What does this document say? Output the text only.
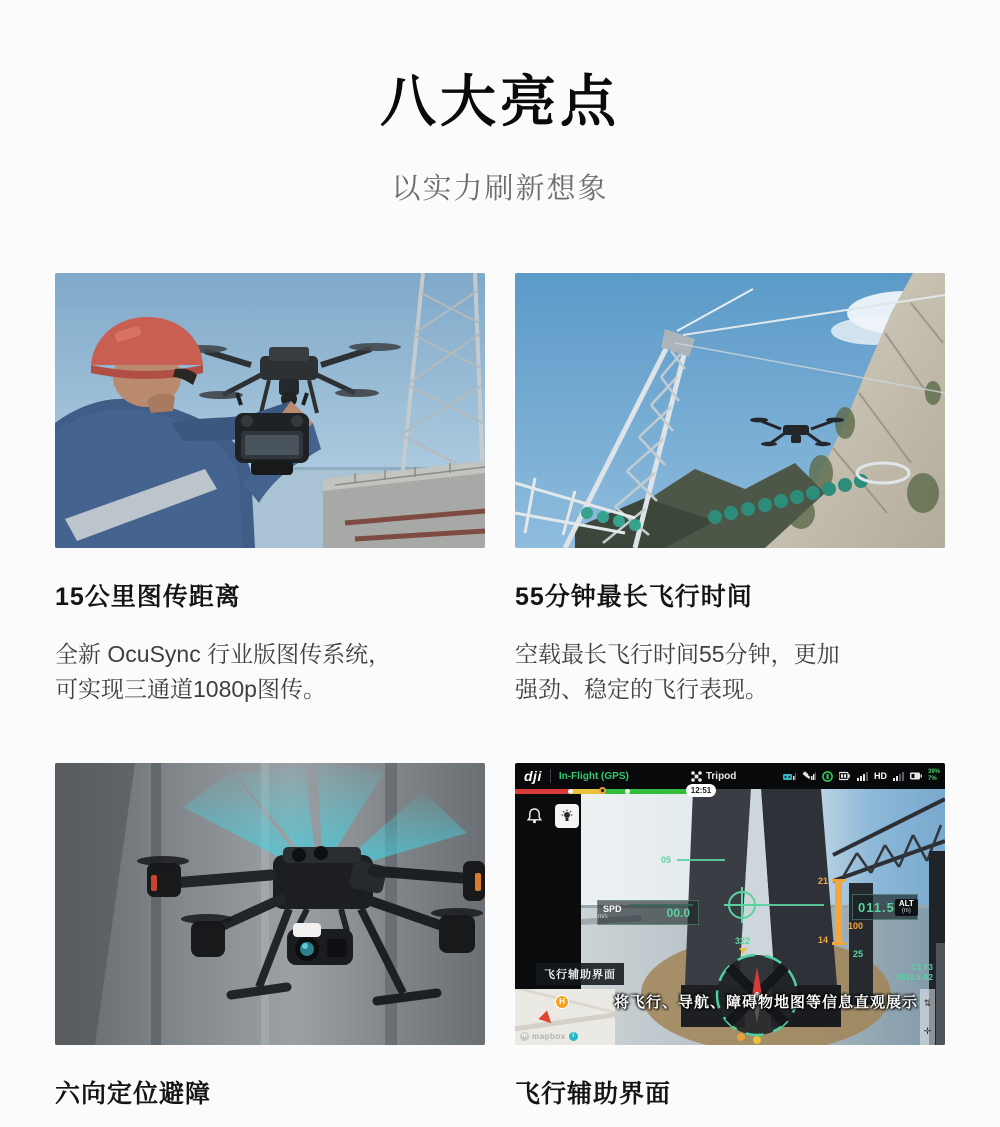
八大亮点
以实力刷新想象
15公里图传距离

全新 OcuSync 行业版图传系统，
可实现三通道1080p图传。

55分钟最长飞行时间

空载最长飞行时间55分钟，更加
强劲、稳定的飞行表现。

六向定位避障
dji In-Flight (GPS)	Tripod	HD	39%
7%
12:51
05
SPD
m/s	00.0
21
14
100
011.5 ALT
(m)
25
C3 Y3
0011.5 A2
322
飞行辅助界面
H
m mapbox	i
将飞行、导航、障碍物地图等信息直观展示 ⇅
✛
飞行辅助界面
